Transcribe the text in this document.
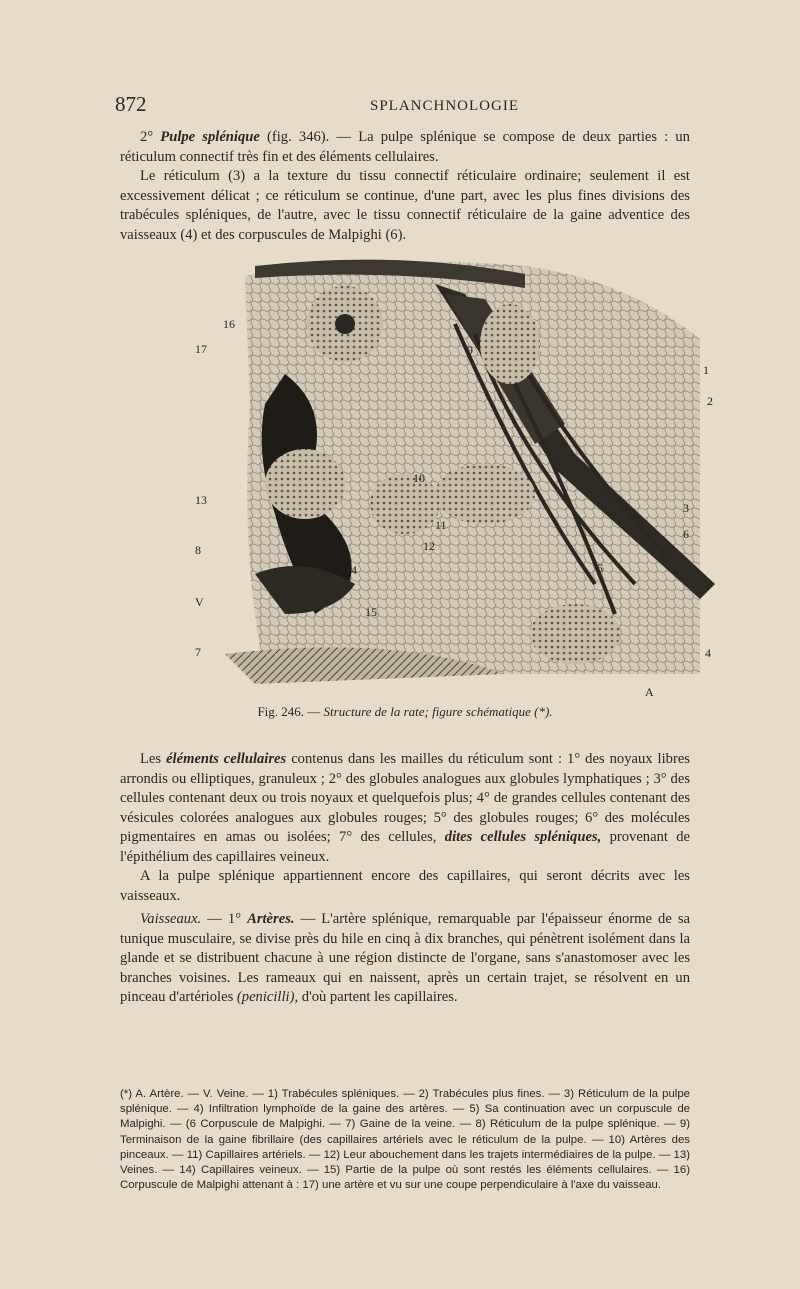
872	SPLANCHNOLOGIE

2° Pulpe splénique (fig. 346). — La pulpe splénique se compose de deux parties : un réticulum connectif très fin et des éléments cellulaires.

Le réticulum (3) a la texture du tissu connectif réticulaire ordinaire; seulement il est excessivement délicat ; ce réticulum se continue, d'une part, avec les plus fines divisions des trabécules spléniques, de l'autre, avec le tissu connectif réticulaire de la gaine adventice des vaisseaux (4) et des corpuscules de Malpighi (6).

16
17
1
2
3
6
5
4
A
V
7
13
8
14
11
12
15
10
9
Fig. 246. — Structure de la rate; figure schématique (*).

Les éléments cellulaires contenus dans les mailles du réticulum sont : 1° des noyaux libres arrondis ou elliptiques, granuleux ; 2° des globules analogues aux globules lymphatiques ; 3° des cellules contenant deux ou trois noyaux et quelquefois plus; 4° de grandes cellules contenant des vésicules colorées analogues aux globules rouges; 5° des globules rouges; 6° des molécules pigmentaires en amas ou isolées; 7° des cellules, dites cellules spléniques, provenant de l'épithélium des capillaires veineux.

A la pulpe splénique appartiennent encore des capillaires, qui seront décrits avec les vaisseaux.

Vaisseaux. — 1° Artères. — L'artère splénique, remarquable par l'épaisseur énorme de sa tunique musculaire, se divise près du hile en cinq à dix branches, qui pénètrent isolément dans la glande et se distribuent chacune à une région distincte de l'organe, sans s'anastomoser avec les branches voisines. Les rameaux qui en naissent, après un certain trajet, se résolvent en un pinceau d'artérioles (penicilli), d'où partent les capillaires.

(*) A. Artère. — V. Veine. — 1) Trabécules spléniques. — 2) Trabécules plus fines. — 3) Réticulum de la pulpe splénique. — 4) Infiltration lymphoïde de la gaine des artères. — 5) Sa continuation avec un corpuscule de Malpighi. — (6 Corpuscule de Malpighi. — 7) Gaine de la veine. — 8) Réticulum de la pulpe splénique. — 9) Terminaison de la gaine fibrillaire (des capillaires artériels avec le réticulum de la pulpe. — 10) Artères des pinceaux. — 11) Capillaires artériels. — 12) Leur abouchement dans les trajets intermédiaires de la pulpe. — 13) Veines. — 14) Capillaires veineux. — 15) Partie de la pulpe où sont restés les éléments cellulaires. — 16) Corpuscule de Malpighi attenant à : 17) une artère et vu sur une coupe perpendiculaire à l'axe du vaisseau.
